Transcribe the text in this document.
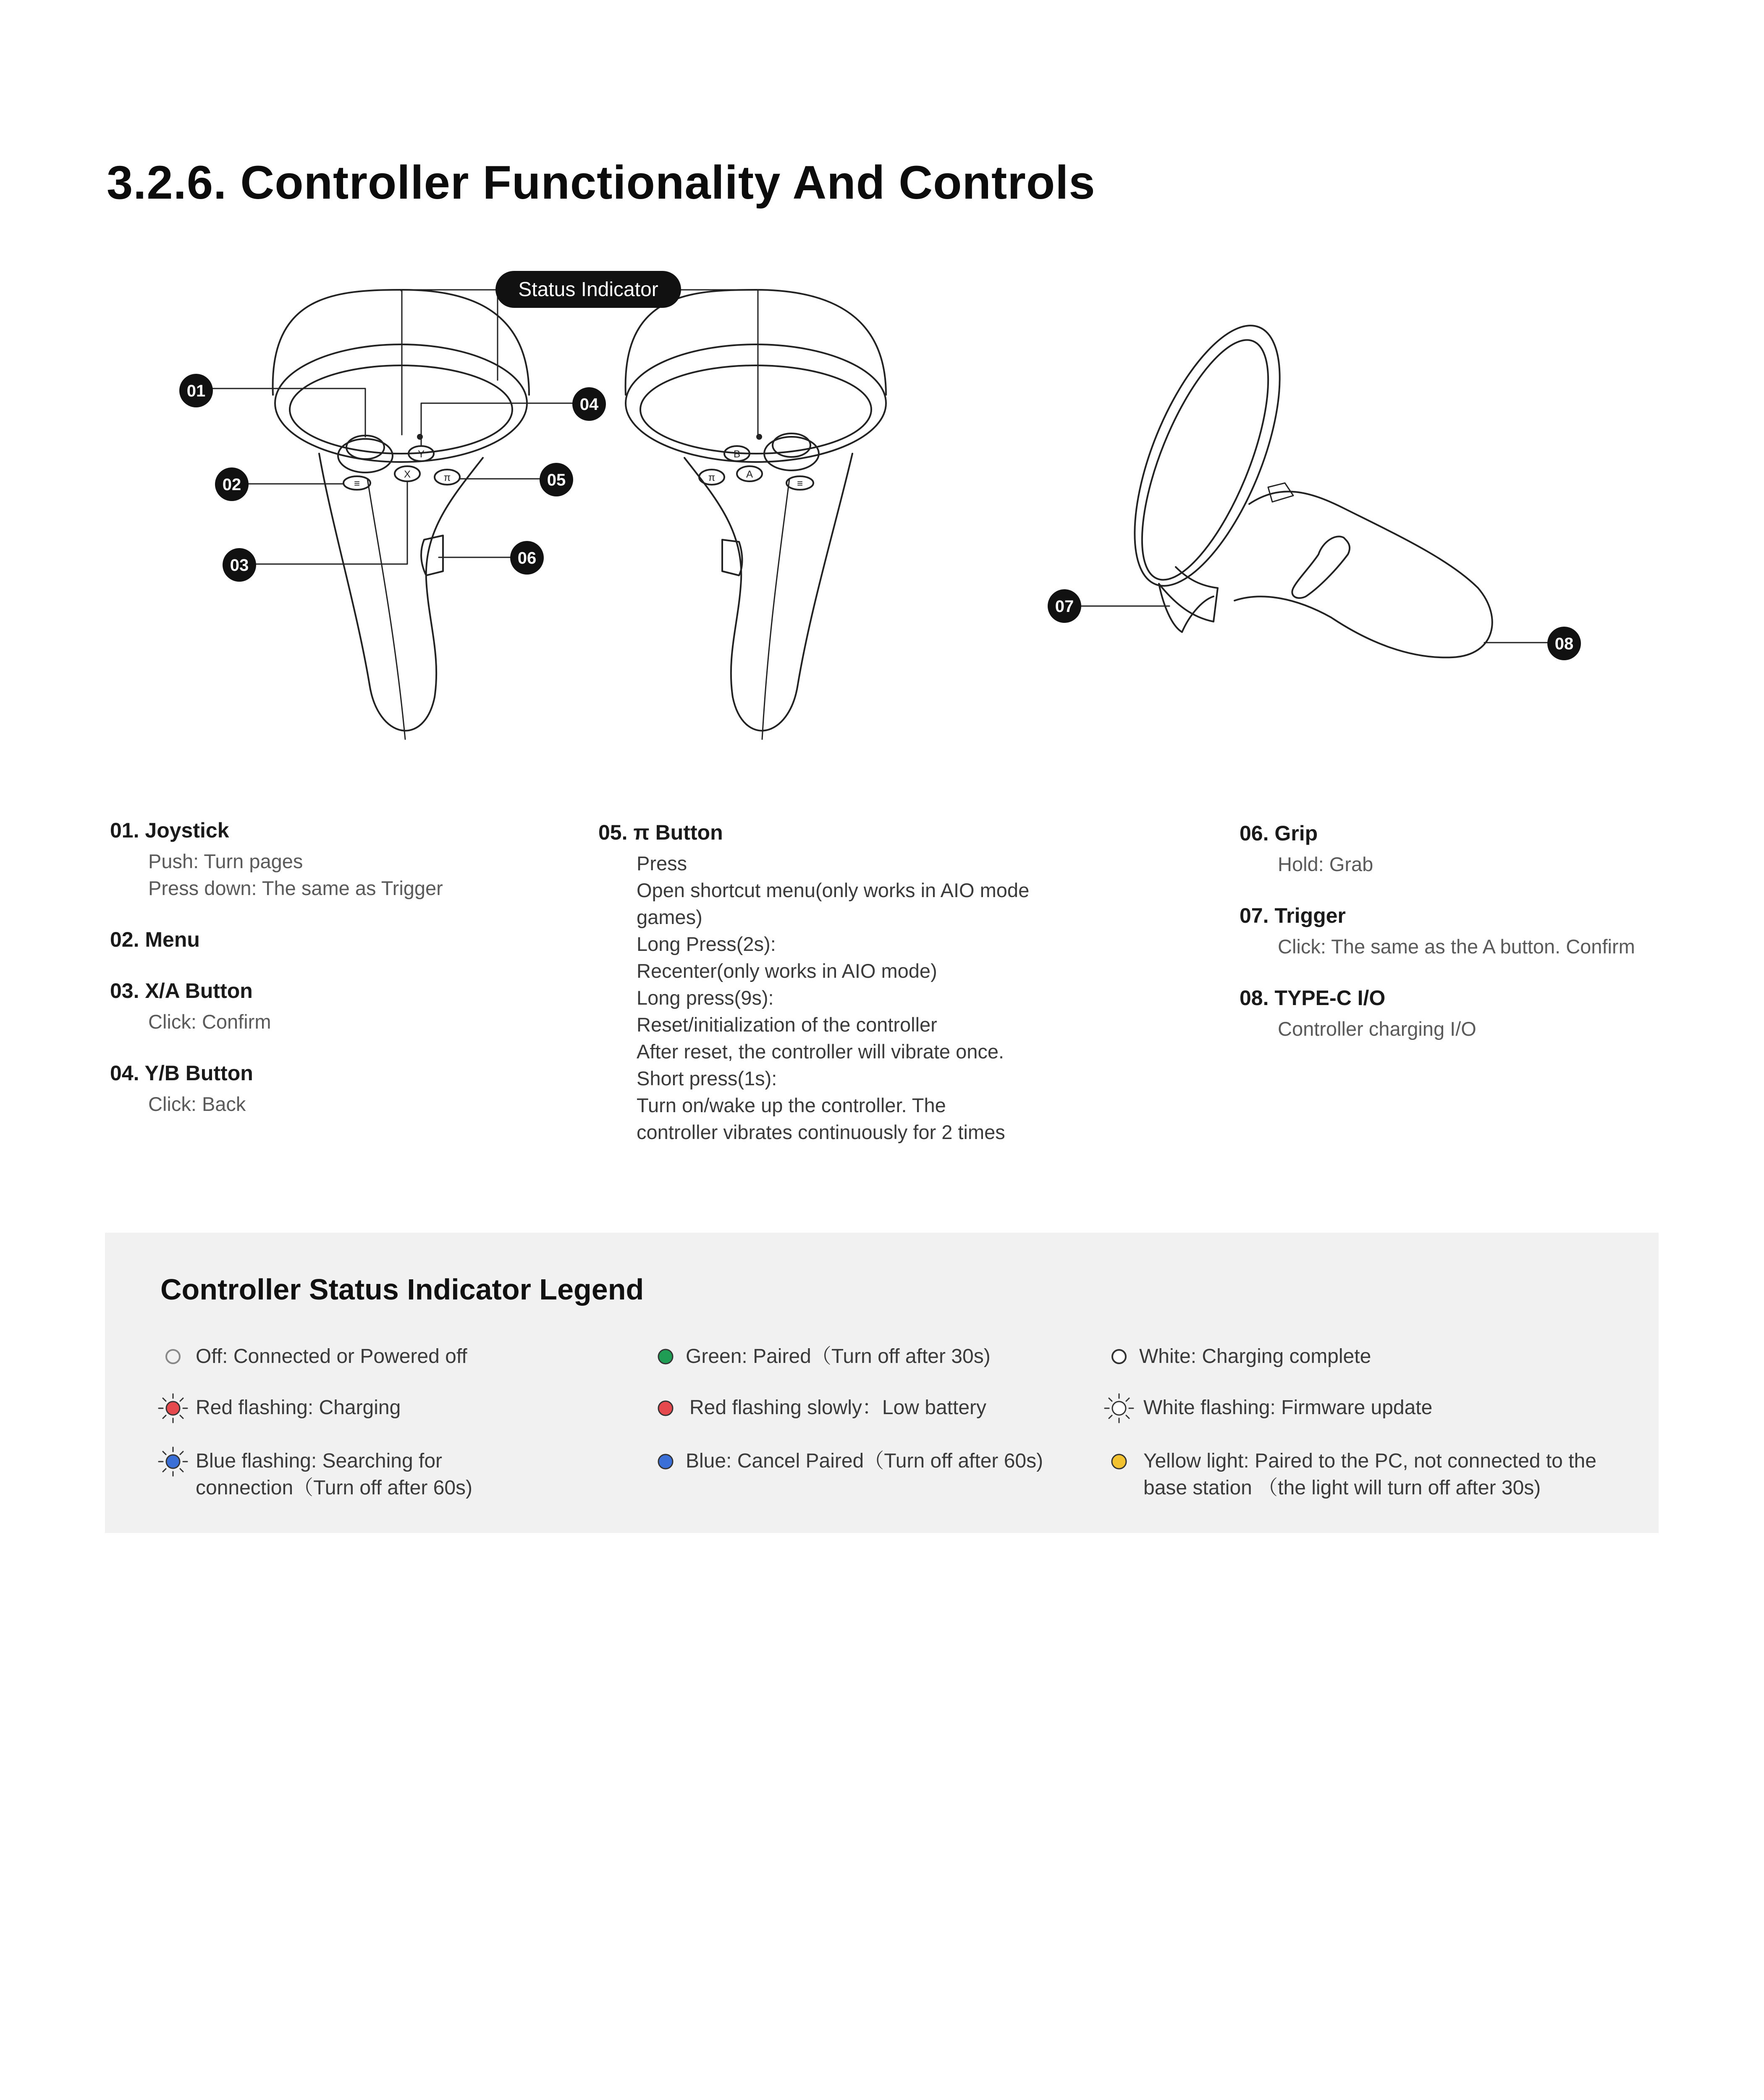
3.2.6. Controller Functionality And Controls
Status Indicator
Y
X	π
≡
B
A
π
≡
01
02
03
04
05
06
07
08
01. Joystick
Push: Turn pages
Press down: The same as Trigger
02. Menu
03. X/A Button
Click: Confirm
04. Y/B Button
Click: Back
05. π Button
Press
Open shortcut menu(only works in AIO mode
games)
Long Press(2s):
Recenter(only works in AIO mode)
Long press(9s):
Reset/initialization of the controller
After reset, the controller will vibrate once.
Short press(1s):
Turn on/wake up the controller. The
controller vibrates continuously for 2 times
06. Grip
Hold: Grab
07. Trigger
Click: The same as the A button. Confirm
08. TYPE-C I/O
Controller charging I/O
Controller Status Indicator Legend
Off: Connected or Powered off
Red flashing: Charging
Blue flashing: Searching for
connection（Turn off after 60s)
Green: Paired（Turn off after 30s)
Red flashing slowly：Low battery
Blue: Cancel Paired（Turn off after 60s)
White: Charging complete
White flashing: Firmware update
Yellow light: Paired to the PC, not connected to the
base station （the light will turn off after 30s)
